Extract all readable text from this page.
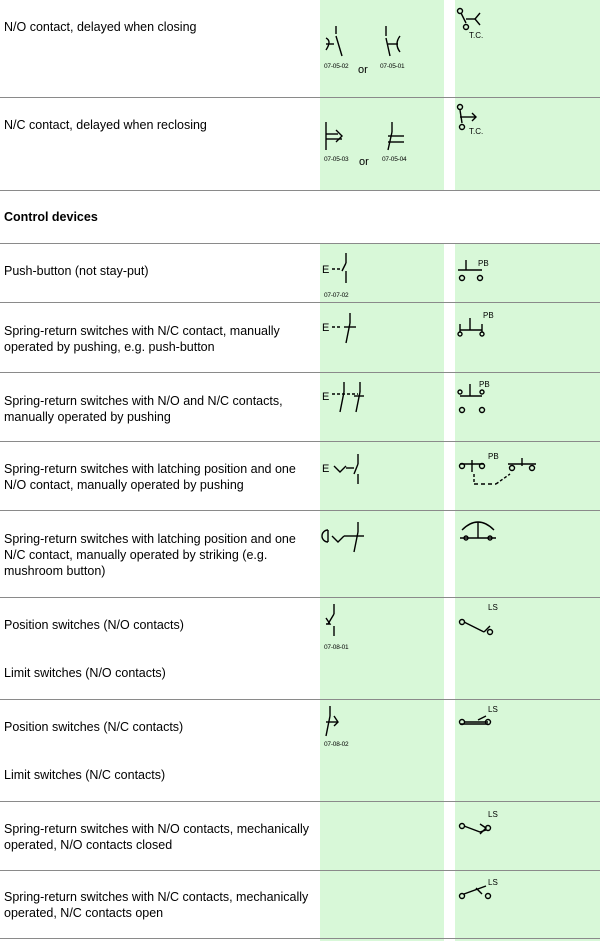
N/O contact, delayed when closing
07-05-02 or 07-05-01
T.C.
N/C contact, delayed when reclosing
07-05-03 or 07-05-04
T.C.
Control devices
Push-button (not stay-put)	E
07-07-02
PB
Spring-return switches with N/C contact, manually operated by pushing, e.g. push-button
E
PB
Spring-return switches with N/O and N/C contacts, manually operated by pushing
E
PB
Spring-return switches with latching position and one N/O contact, manually operated by pushing
E
PB
Spring-return switches with latching position and one N/C contact, manually operated by striking (e.g. mushroom button)
Position switches (N/O contacts)
Limit switches (N/O contacts)
07-08-01
LS
Position switches (N/C contacts)
Limit switches (N/C contacts)
07-08-02
LS
Spring-return switches with N/O contacts, mechanically operated, N/O contacts closed
LS
Spring-return switches with N/C contacts, mechanically operated, N/C contacts open
LS
